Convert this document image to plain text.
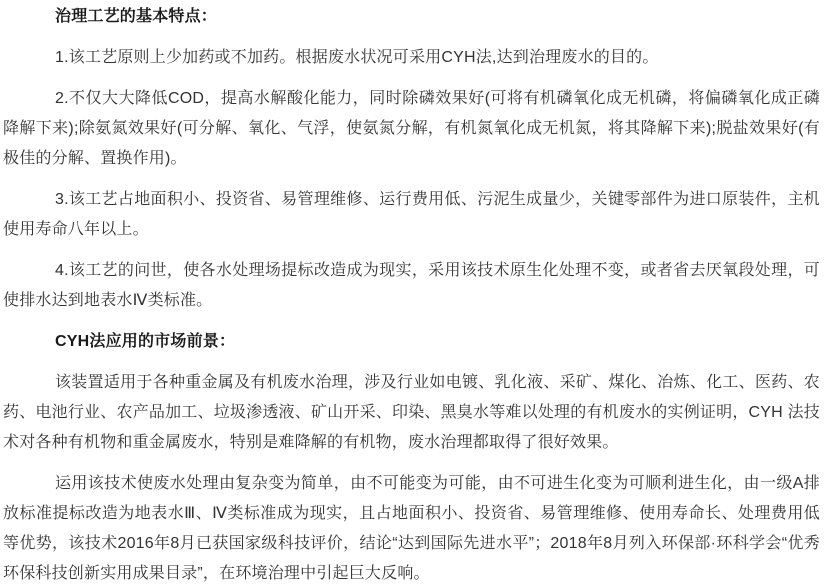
治理工艺的基本特点：

1.该工艺原则上少加药或不加药。根据废水状况可采用CYH法,达到治理废水的目的。

2.不仅大大降低COD，提高水解酸化能力，同时除磷效果好(可将有机磷氧化成无机磷，将偏磷氧化成正磷降解下来);除氨氮效果好(可分解、氧化、气浮，使氨氮分解，有机氮氧化成无机氮，将其降解下来);脱盐效果好(有极佳的分解、置换作用)。

3.该工艺占地面积小、投资省、易管理维修、运行费用低、污泥生成量少，关键零部件为进口原装件，主机使用寿命八年以上。

4.该工艺的问世，使各水处理场提标改造成为现实，采用该技术原生化处理不变，或者省去厌氧段处理，可使排水达到地表水Ⅳ类标准。

CYH法应用的市场前景：

该装置适用于各种重金属及有机废水治理，涉及行业如电镀、乳化液、采矿、煤化、冶炼、化工、医药、农药、电池行业、农产品加工、垃圾渗透液、矿山开采、印染、黑臭水等难以处理的有机废水的实例证明，CYH 法技术对各种有机物和重金属废水，特别是难降解的有机物，废水治理都取得了很好效果。

运用该技术使废水处理由复杂变为简单，由不可能变为可能，由不可进生化变为可顺利进生化，由一级A排放标准提标改造为地表水Ⅲ、Ⅳ类标准成为现实，且占地面积小、投资省、易管理维修、使用寿命长、处理费用低等优势，该技术2016年8月已获国家级科技评价，结论“达到国际先进水平”；2018年8月列入环保部·环科学会“优秀环保科技创新实用成果目录”，在环境治理中引起巨大反响。
